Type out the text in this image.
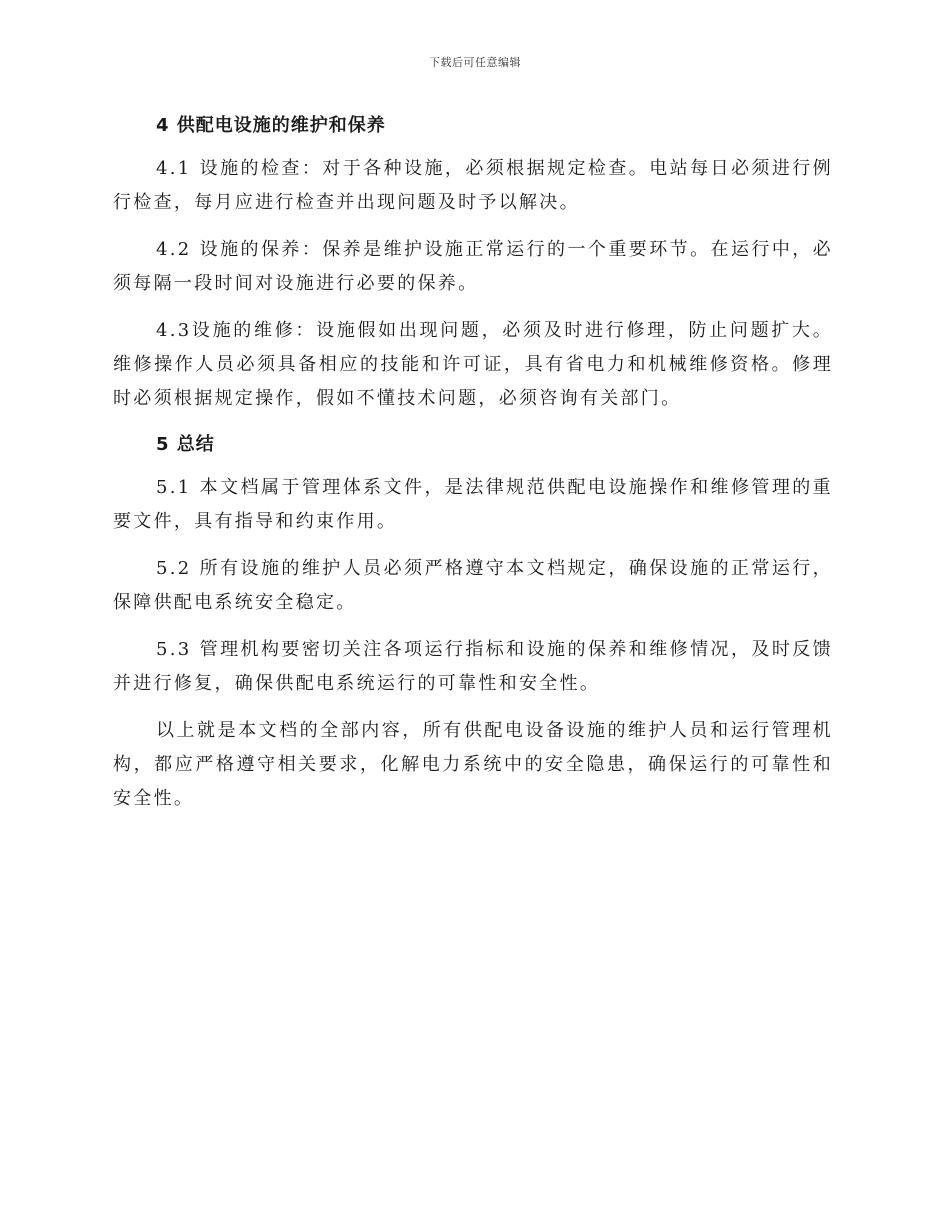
下载后可任意编辑
4 供配电设施的维护和保养

4.1 设施的检查：对于各种设施，必须根据规定检查。电站每日必须进行例行检查，每月应进行检查并出现问题及时予以解决。

4.2 设施的保养：保养是维护设施正常运行的一个重要环节。在运行中，必须每隔一段时间对设施进行必要的保养。

4.3设施的维修：设施假如出现问题，必须及时进行修理，防止问题扩大。维修操作人员必须具备相应的技能和许可证，具有省电力和机械维修资格。修理时必须根据规定操作，假如不懂技术问题，必须咨询有关部门。

5 总结

5.1 本文档属于管理体系文件，是法律规范供配电设施操作和维修管理的重要文件，具有指导和约束作用。

5.2 所有设施的维护人员必须严格遵守本文档规定，确保设施的正常运行，保障供配电系统安全稳定。

5.3 管理机构要密切关注各项运行指标和设施的保养和维修情况，及时反馈并进行修复，确保供配电系统运行的可靠性和安全性。

以上就是本文档的全部内容，所有供配电设备设施的维护人员和运行管理机构，都应严格遵守相关要求，化解电力系统中的安全隐患，确保运行的可靠性和安全性。
